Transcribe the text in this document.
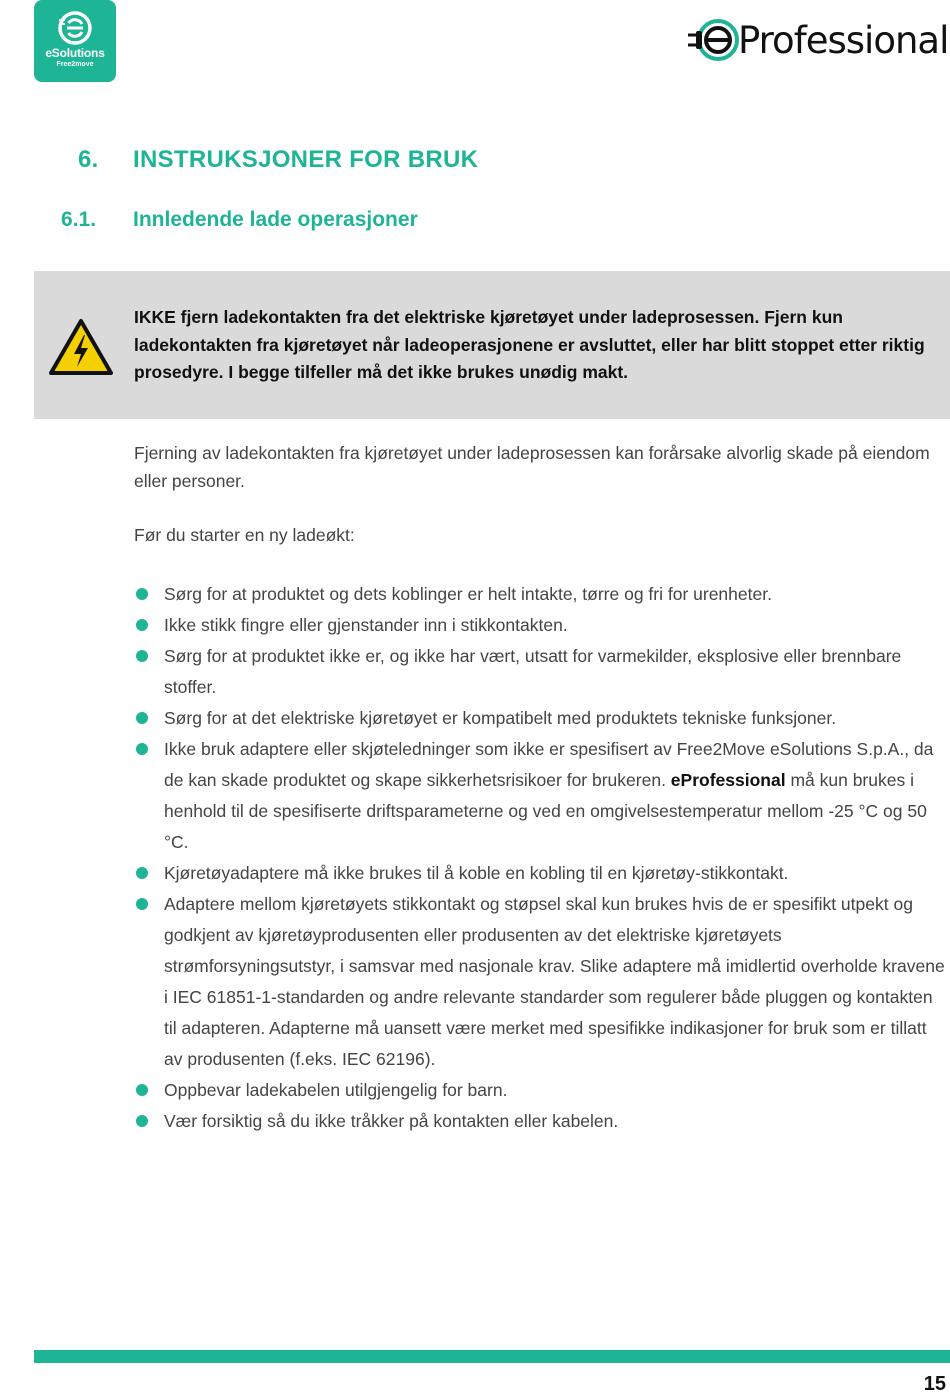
eSolutions
Free2move
Professional
6. INSTRUKSJONER FOR BRUK
6.1. Innledende lade operasjoner
IKKE fjern ladekontakten fra det elektriske kjøretøyet under ladeprosessen. Fjern kun ladekontakten fra kjøretøyet når ladeoperasjonene er avsluttet, eller har blitt stoppet etter riktig prosedyre. I begge tilfeller må det ikke brukes unødig makt.
Fjerning av ladekontakten fra kjøretøyet under ladeprosessen kan forårsake alvorlig skade på eiendom eller personer.
Før du starter en ny ladeøkt:
Sørg for at produktet og dets koblinger er helt intakte, tørre og fri for urenheter.
Ikke stikk fingre eller gjenstander inn i stikkontakten.
Sørg for at produktet ikke er, og ikke har vært, utsatt for varmekilder, eksplosive eller brennbare stoffer.
Sørg for at det elektriske kjøretøyet er kompatibelt med produktets tekniske funksjoner.
Ikke bruk adaptere eller skjøteledninger som ikke er spesifisert av Free2Move eSolutions S.p.A., da de kan skade produktet og skape sikkerhetsrisikoer for brukeren. eProfessional må kun brukes i henhold til de spesifiserte driftsparameterne og ved en omgivelsestemperatur mellom -25 °C og 50 °C.
Kjøretøyadaptere må ikke brukes til å koble en kobling til en kjøretøy-stikkontakt.
Adaptere mellom kjøretøyets stikkontakt og støpsel skal kun brukes hvis de er spesifikt utpekt og godkjent av kjøretøyprodusenten eller produsenten av det elektriske kjøretøyets strømforsyningsutstyr, i samsvar med nasjonale krav. Slike adaptere må imidlertid overholde kravene i IEC 61851-1-standarden og andre relevante standarder som regulerer både pluggen og kontakten til adapteren. Adapterne må uansett være merket med spesifikke indikasjoner for bruk som er tillatt av produsenten (f.eks. IEC 62196).
Oppbevar ladekabelen utilgjengelig for barn.
Vær forsiktig så du ikke tråkker på kontakten eller kabelen.
15
